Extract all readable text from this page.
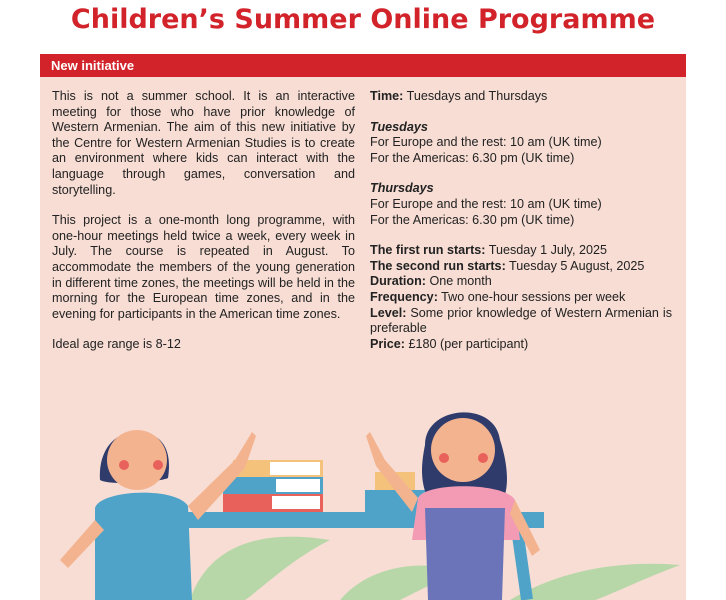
Children’s Summer Online Programme
New initiative

This is not a summer school. It is an interactive meeting for those who have prior knowledge of Western Armenian. The aim of this new initiative by the Centre for Western Armenian Studies is to create an environment where kids can interact with the language through games, conversation and storytelling.

This project is a one-month long programme, with one-hour meetings held twice a week, every week in July. The course is repeated in August. To accommodate the members of the young generation in different time zones, the meetings will be held in the morning for the European time zones, and in the evening for participants in the American time zones.

Ideal age range is 8-12

Time: Tuesdays and Thursdays
Tuesdays
For Europe and the rest: 10 am (UK time)
For the Americas: 6.30 pm (UK time)
Thursdays
For Europe and the rest: 10 am (UK time)
For the Americas: 6.30 pm (UK time)
The first run starts: Tuesday 1 July, 2025
The second run starts: Tuesday 5 August, 2025
Duration: One month
Frequency: Two one-hour sessions per week
Level: Some prior knowledge of Western Armenian is preferable
Price: £180 (per participant)
